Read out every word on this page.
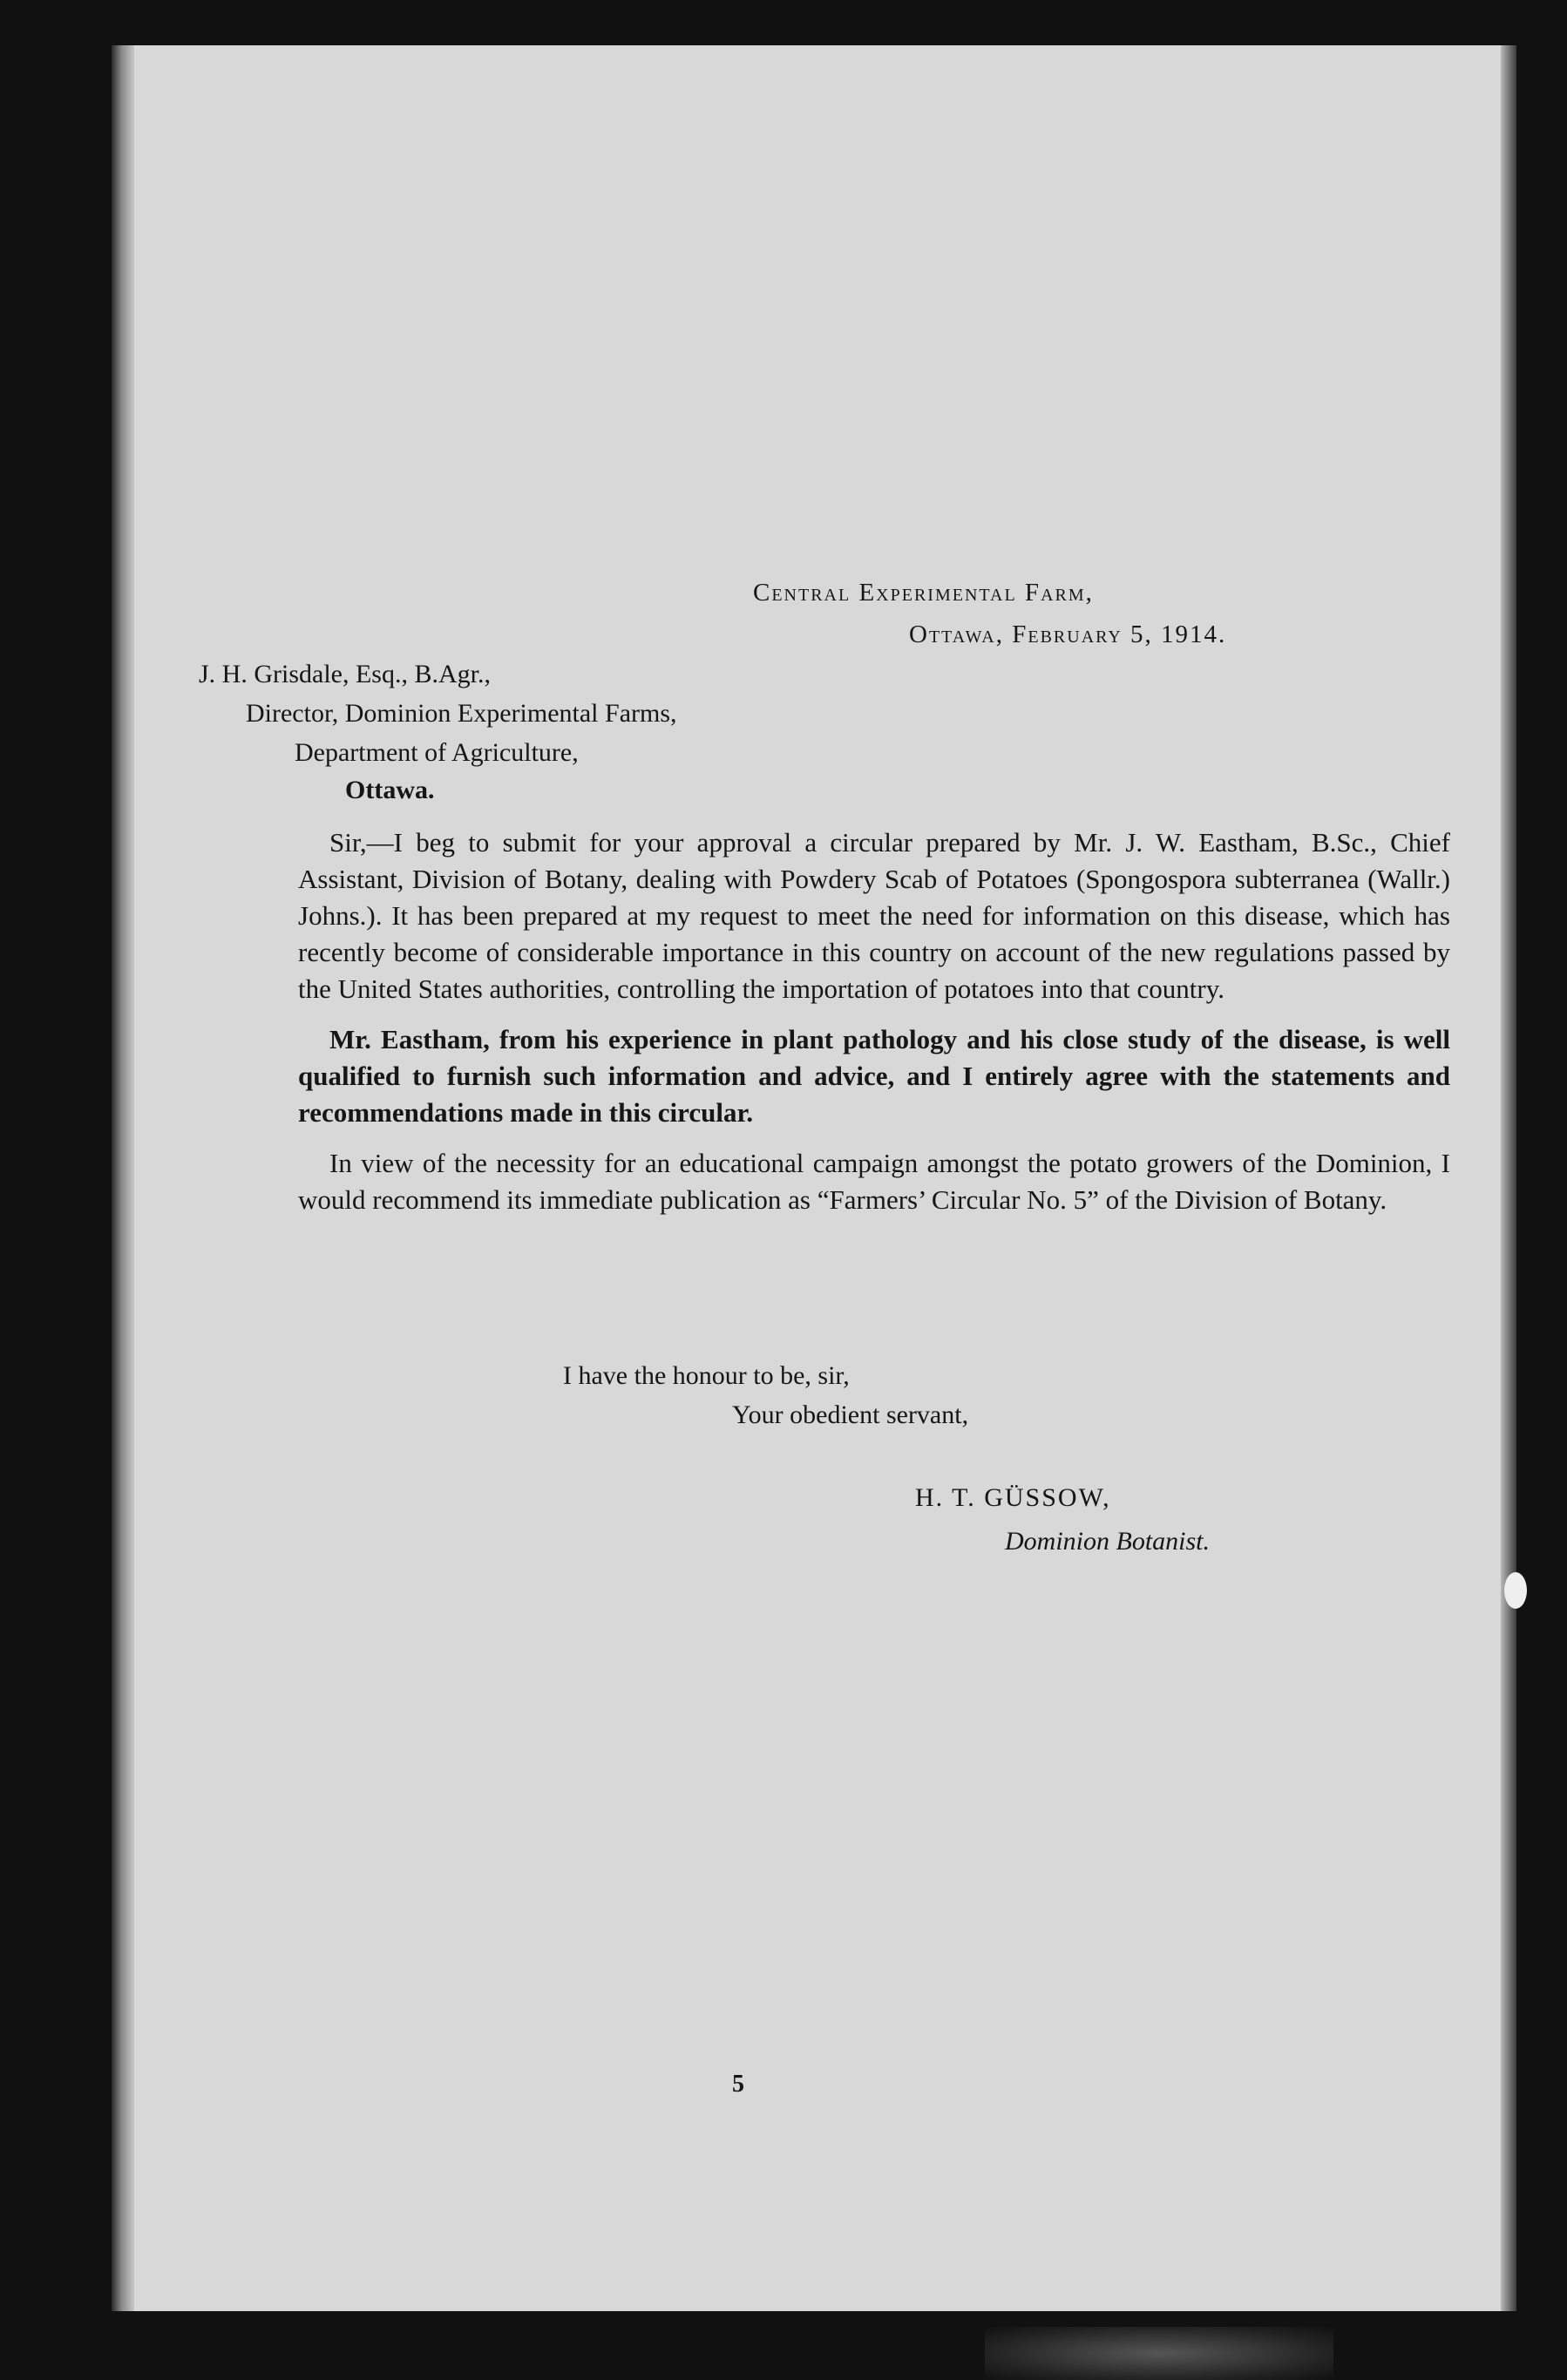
Central Experimental Farm,
Ottawa, February 5, 1914.
J. H. Grisdale, Esq., B.Agr.,
Director, Dominion Experimental Farms,
Department of Agriculture,
Ottawa.

Sir,—I beg to submit for your approval a circular prepared by Mr. J. W. Eastham, B.Sc., Chief Assistant, Division of Botany, dealing with Powdery Scab of Potatoes (Spongospora subterranea (Wallr.) Johns.). It has been prepared at my request to meet the need for information on this disease, which has recently become of considerable importance in this country on account of the new regulations passed by the United States authorities, controlling the importation of potatoes into that country.

Mr. Eastham, from his experience in plant pathology and his close study of the disease, is well qualified to furnish such information and advice, and I entirely agree with the statements and recommendations made in this circular.

In view of the necessity for an educational campaign amongst the potato growers of the Dominion, I would recommend its immediate publication as “Farmers’ Circular No. 5” of the Division of Botany.

I have the honour to be, sir,
Your obedient servant,
H. T. GÜSSOW,
Dominion Botanist.
5
